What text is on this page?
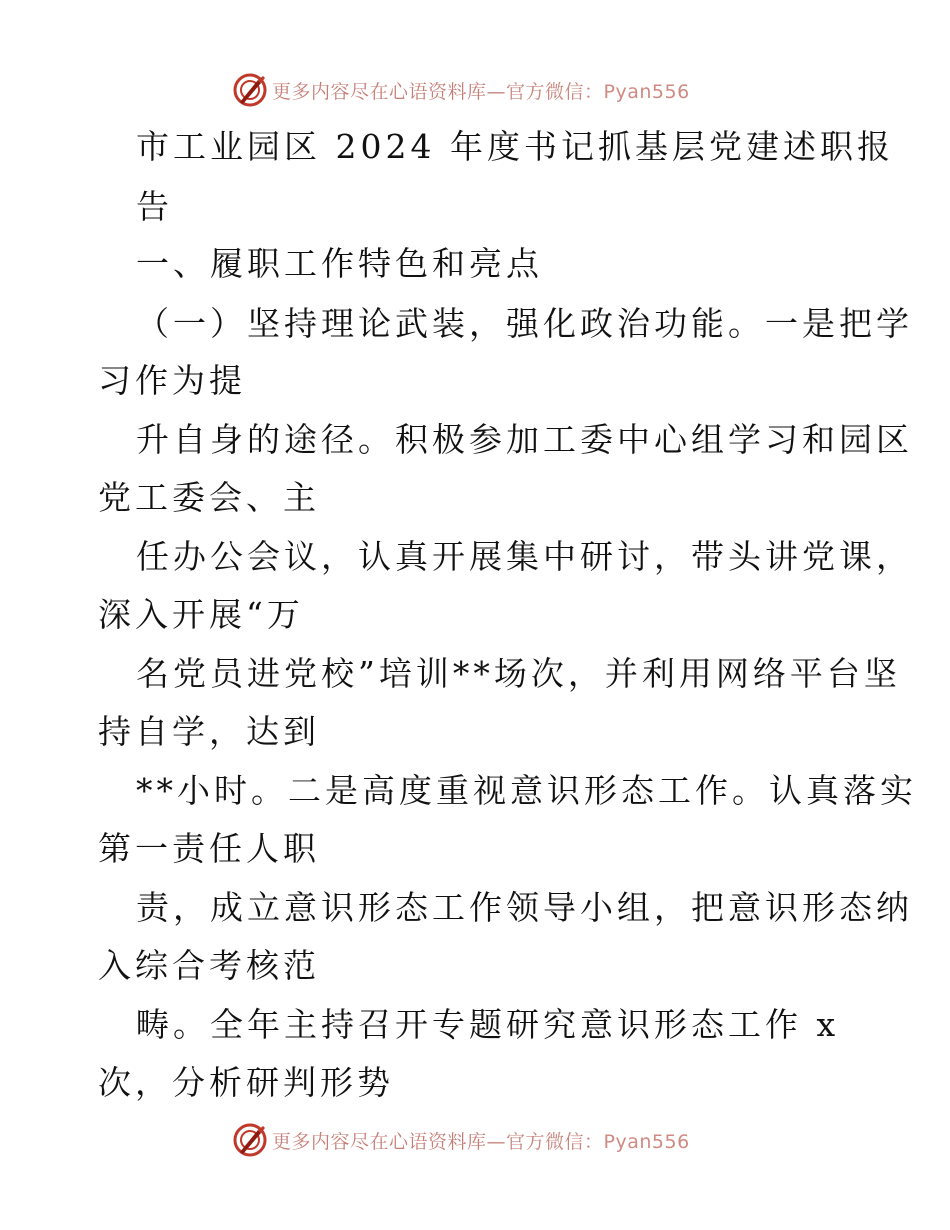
更多内容尽在心语资料库—官方微信：Pyan556
市工业园区 2024 年度书记抓基层党建述职报
告
一、履职工作特色和亮点
（一）坚持理论武装，强化政治功能。一是把学
习作为提
升自身的途径。积极参加工委中心组学习和园区
党工委会、主
任办公会议，认真开展集中研讨，带头讲党课，
深入开展“万
名党员进党校”培训**场次，并利用网络平台坚
持自学，达到
**小时。二是高度重视意识形态工作。认真落实
第一责任人职
责，成立意识形态工作领导小组，把意识形态纳
入综合考核范
畴。全年主持召开专题研究意识形态工作 x
次，分析研判形势
更多内容尽在心语资料库—官方微信：Pyan556
